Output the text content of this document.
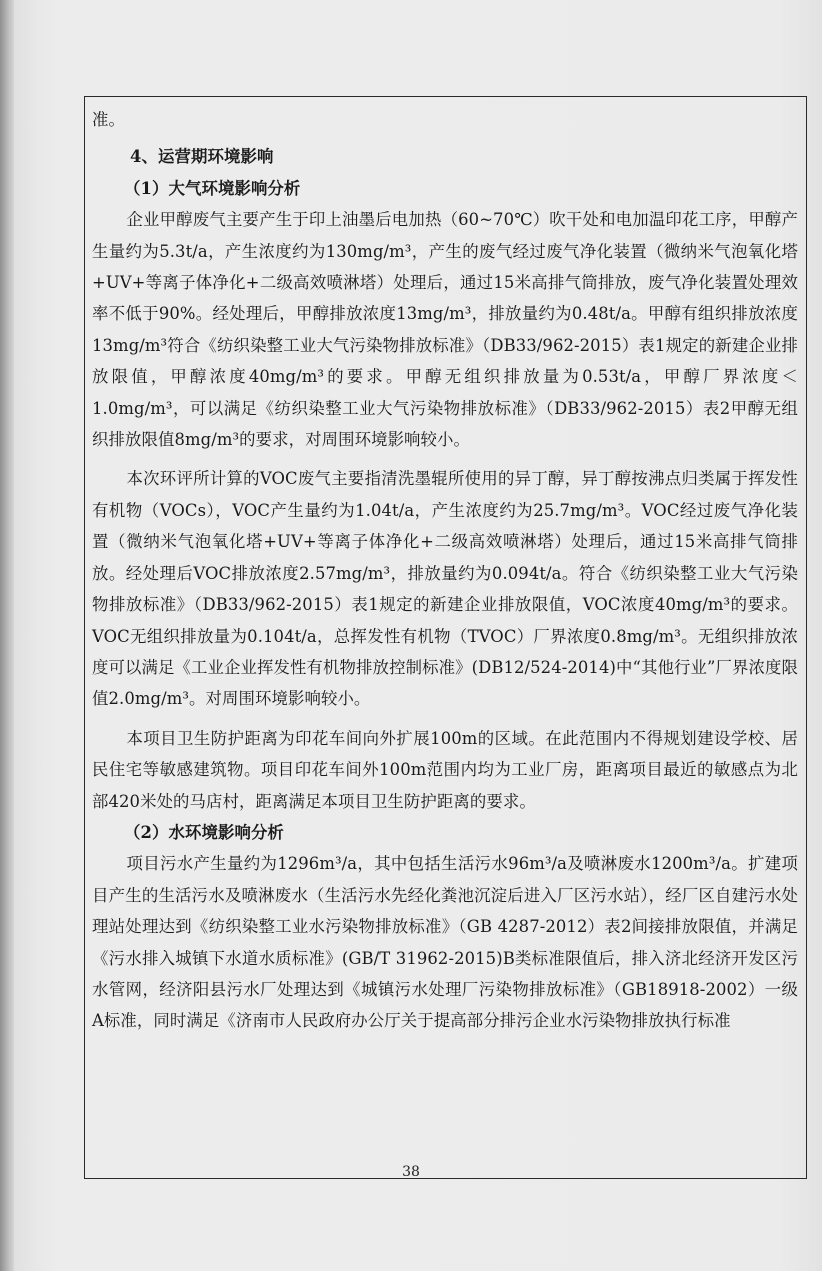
准。

4、运营期环境影响

（1）大气环境影响分析

企业甲醇废气主要产生于印上油墨后电加热（60~70℃）吹干处和电加温印花工序，甲醇产生量约为5.3t/a，产生浓度约为130mg/m³，产生的废气经过废气净化装置（微纳米气泡氧化塔+UV+等离子体净化+二级高效喷淋塔）处理后，通过15米高排气筒排放，废气净化装置处理效率不低于90%。经处理后，甲醇排放浓度13mg/m³，排放量约为0.48t/a。甲醇有组织排放浓度13mg/m³符合《纺织染整工业大气污染物排放标准》（DB33/962-2015）表1规定的新建企业排放限值，甲醇浓度40mg/m³的要求。甲醇无组织排放量为0.53t/a，甲醇厂界浓度＜1.0mg/m³，可以满足《纺织染整工业大气污染物排放标准》（DB33/962-2015）表2甲醇无组织排放限值8mg/m³的要求，对周围环境影响较小。

本次环评所计算的VOC废气主要指清洗墨辊所使用的异丁醇，异丁醇按沸点归类属于挥发性有机物（VOCs），VOC产生量约为1.04t/a，产生浓度约为25.7mg/m³。VOC经过废气净化装置（微纳米气泡氧化塔+UV+等离子体净化+二级高效喷淋塔）处理后，通过15米高排气筒排放。经处理后VOC排放浓度2.57mg/m³，排放量约为0.094t/a。符合《纺织染整工业大气污染物排放标准》（DB33/962-2015）表1规定的新建企业排放限值，VOC浓度40mg/m³的要求。VOC无组织排放量为0.104t/a，总挥发性有机物（TVOC）厂界浓度0.8mg/m³。无组织排放浓度可以满足《工业企业挥发性有机物排放控制标准》(DB12/524-2014)中“其他行业”厂界浓度限值2.0mg/m³。对周围环境影响较小。

本项目卫生防护距离为印花车间向外扩展100m的区域。在此范围内不得规划建设学校、居民住宅等敏感建筑物。项目印花车间外100m范围内均为工业厂房，距离项目最近的敏感点为北部420米处的马店村，距离满足本项目卫生防护距离的要求。

（2）水环境影响分析

项目污水产生量约为1296m³/a，其中包括生活污水96m³/a及喷淋废水1200m³/a。扩建项目产生的生活污水及喷淋废水（生活污水先经化粪池沉淀后进入厂区污水站），经厂区自建污水处理站处理达到《纺织染整工业水污染物排放标准》（GB 4287-2012）表2间接排放限值，并满足《污水排入城镇下水道水质标准》(GB/T 31962-2015)B类标准限值后，排入济北经济开发区污水管网，经济阳县污水厂处理达到《城镇污水处理厂污染物排放标准》（GB18918-2002）一级A标准，同时满足《济南市人民政府办公厅关于提高部分排污企业水污染物排放执行标准

38
